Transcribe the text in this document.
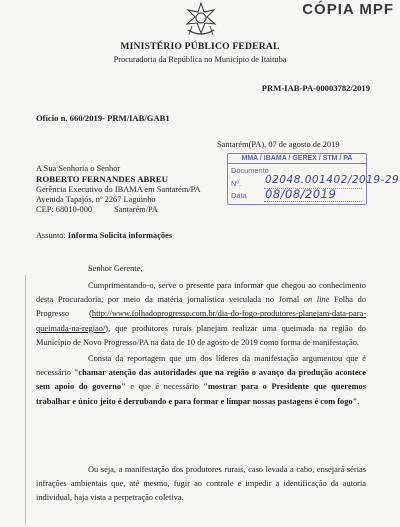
CÓPIA MPF
MINISTÉRIO PÚBLICO FEDERAL
Procuradoria da República no Município de Itaituba
PRM-IAB-PA-00003782/2019
Ofício n. 660/2019- PRM/IAB/GAB1
Santarém(PA), 07 de agosto de 2019
A Sua Senhoria o Senhor
ROBERTO FERNANDES ABREU
Gerência Executivo do IBAMA em Santarém/PA
Avenida Tapajós, nº 2267 Laguinho
CEP: 68010-000	Santarém/PA
MMA / IBAMA / GEREX / STM / PA
Documento
Nº. 02048.001402/2019-29
Data 08/08/2019
Assunto: Informa Solicita informações
Senhor Gerente,
Cumprimentando-o, serve o presente para informar que chegou ao conhecimento desta Procuradoria, por meio da matéria jornalística veiculada no Jornal on line Folha do Progresso (http://www.folhadoprogresso.com.br/dia-do-fogo-produtores-planejam-data-para-queimada-na-regiao/), que produtores rurais planejam realizar uma queimada na região do Município de Novo Progresso/PA na data de 10 de agosto de 2019 como forma de manifestação.
Consta da reportagem que um dos líderes da manifestação argumentou que é necessário "chamar atenção das autoridades que na região o avanço da produção acontece sem apoio do governo" e que é necessário "mostrar para o Presidente que queremos trabalhar e único jeito é derrubando e para formar e limpar nossas pastagens é com fogo".
Ou seja, a manifestação dos produtores rurais, caso levada a cabo, ensejará sérias infrações ambientais que, até mesmo, fugir ao controle e impedir a identificação da autoria individual, haja vista a perpetração coletiva.
